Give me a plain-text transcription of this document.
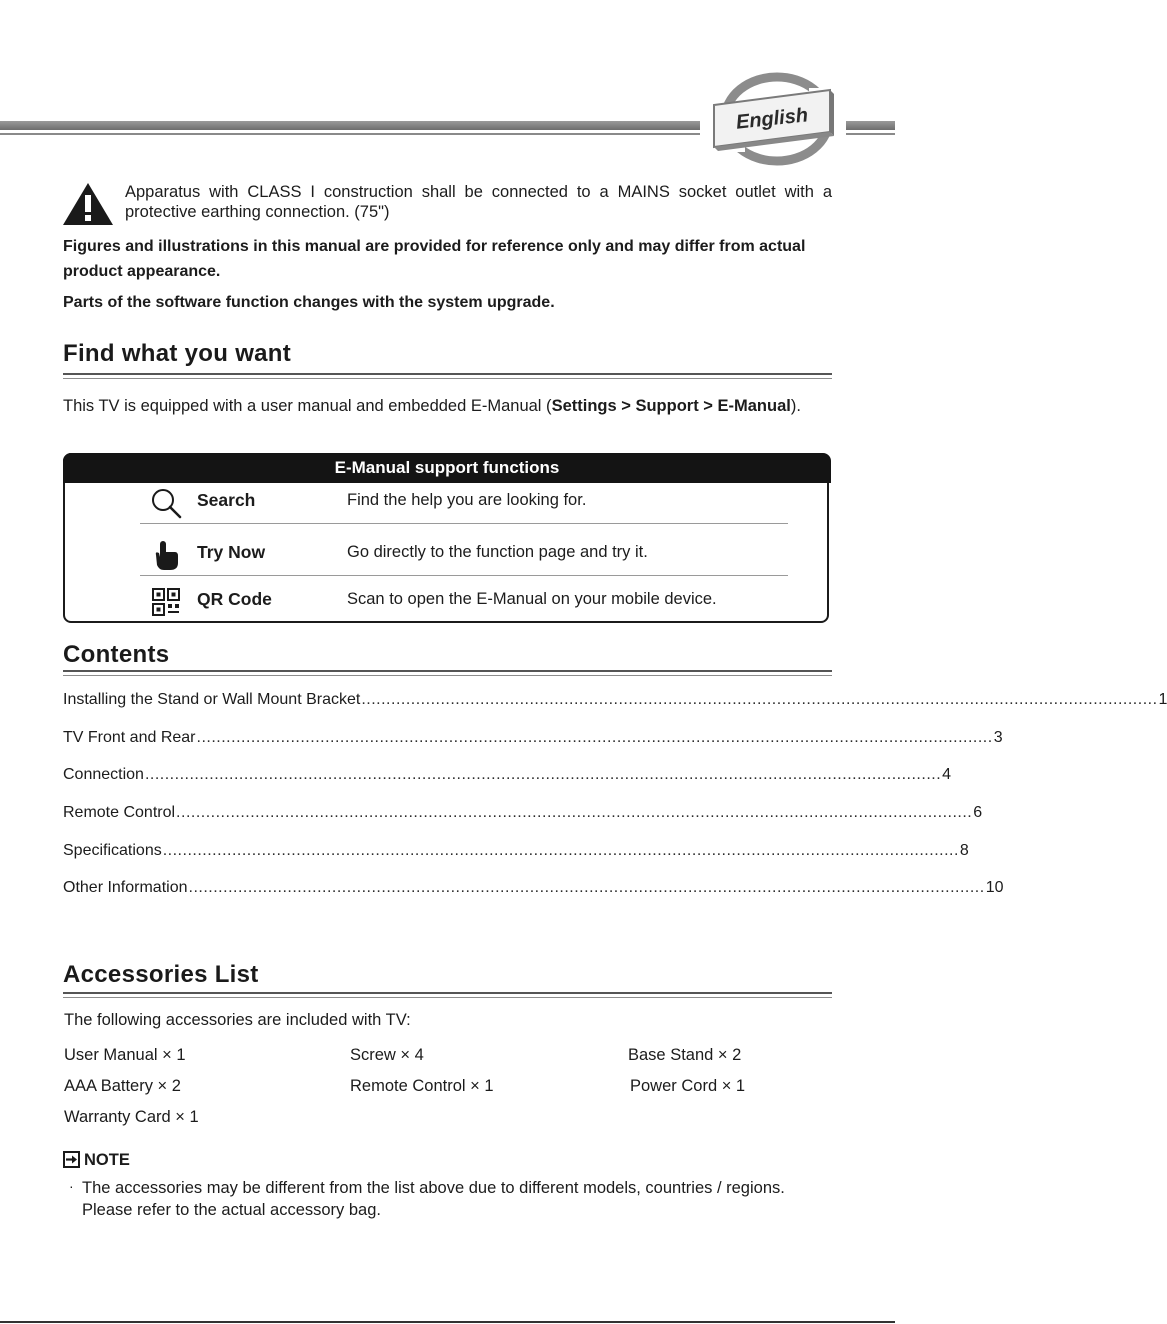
English
Apparatus with CLASS I construction shall be connected to a MAINS socket outlet with a protective earthing connection. (75")
Figures and illustrations in this manual are provided for reference only and may differ from actual product appearance.
Parts of the software function changes with the system upgrade.
Find what you want
This TV is equipped with a user manual and embedded E-Manual (Settings > Support > E-Manual).
E-Manual support functions
Search	Find the help you are looking for.
Try Now	Go directly to the function page and try it.
QR Code	Scan to open the E-Manual on your mobile device.
Contents
Installing the Stand or Wall Mount Bracket ................................................................................................................................................................. 1
TV Front and Rear ................................................................................................................................................................. 3
Connection ................................................................................................................................................................. 4
Remote Control ................................................................................................................................................................. 6
Specifications ................................................................................................................................................................. 8
Other Information ................................................................................................................................................................. 10
Accessories List
The following accessories are included with TV:
User Manual × 1	Screw × 4	Base Stand × 2
AAA Battery × 2	Remote Control × 1	Power Cord × 1
Warranty Card × 1
NOTE
· The accessories may be different from the list above due to different models, countries / regions. Please refer to the actual accessory bag.
